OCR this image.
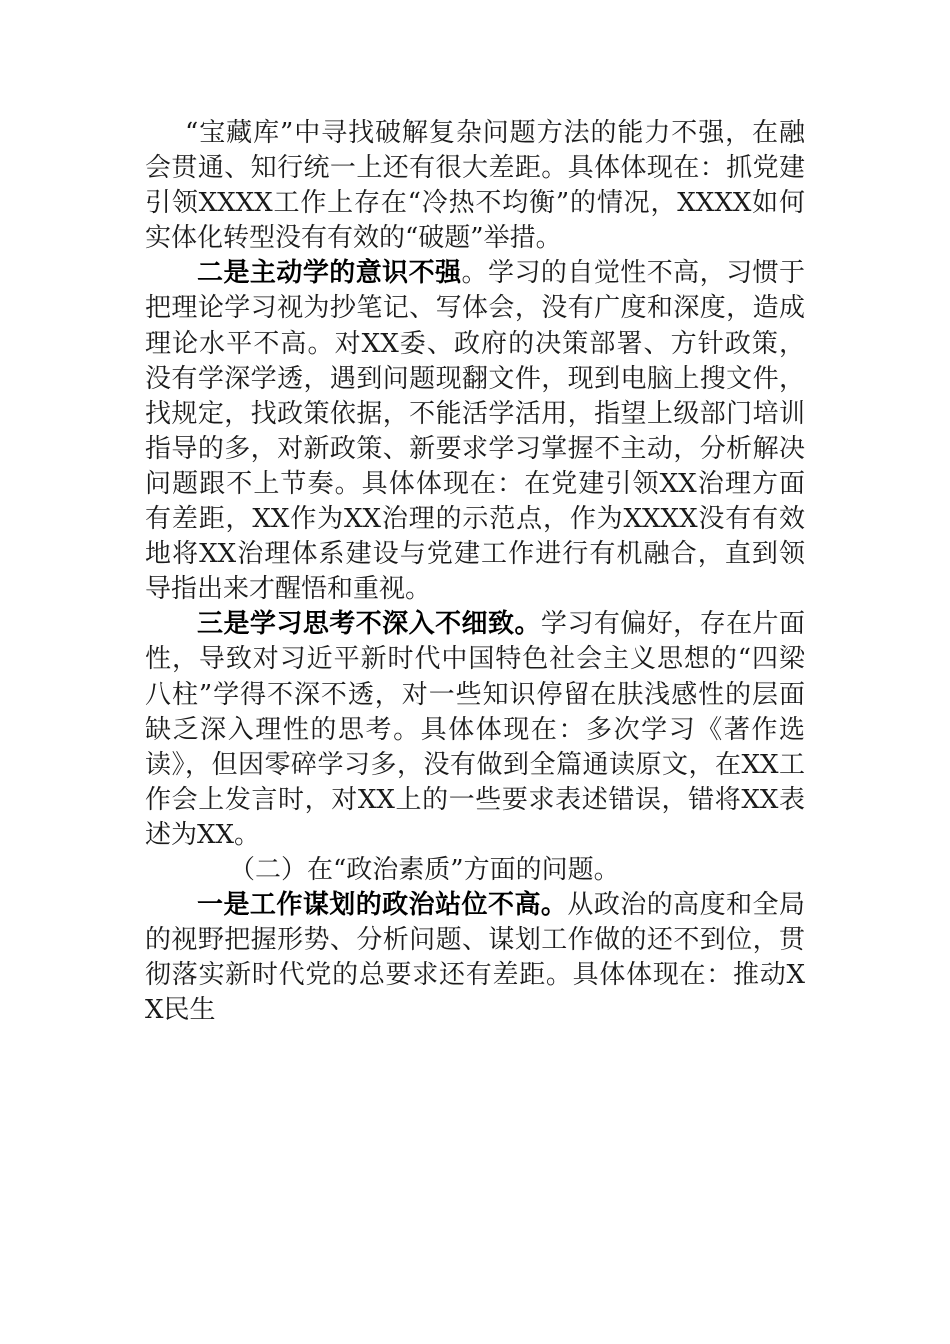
“宝藏库”中寻找破解复杂问题方法的能力不强，在融会贯通、知行统一上还有很大差距。具体体现在：抓党建引领XXXX工作上存在“冷热不均衡”的情况，XXXX如何实体化转型没有有效的“破题”举措。

二是主动学的意识不强。学习的自觉性不高，习惯于把理论学习视为抄笔记、写体会，没有广度和深度，造成理论水平不高。对XX委、政府的决策部署、方针政策，没有学深学透，遇到问题现翻文件，现到电脑上搜文件，找规定，找政策依据，不能活学活用，指望上级部门培训指导的多，对新政策、新要求学习掌握不主动，分析解决问题跟不上节奏。具体体现在：在党建引领XX治理方面有差距，XX作为XX治理的示范点，作为XXXX没有有效地将XX治理体系建设与党建工作进行有机融合，直到领导指出来才醒悟和重视。

三是学习思考不深入不细致。学习有偏好，存在片面性，导致对习近平新时代中国特色社会主义思想的“四梁八柱”学得不深不透，对一些知识停留在肤浅感性的层面缺乏深入理性的思考。具体体现在：多次学习《著作选读》，但因零碎学习多，没有做到全篇通读原文，在XX工作会上发言时，对XX上的一些要求表述错误，错将XX表述为XX。

（二）在“政治素质”方面的问题。

一是工作谋划的政治站位不高。从政治的高度和全局的视野把握形势、分析问题、谋划工作做的还不到位，贯彻落实新时代党的总要求还有差距。具体体现在：推动XX民生
